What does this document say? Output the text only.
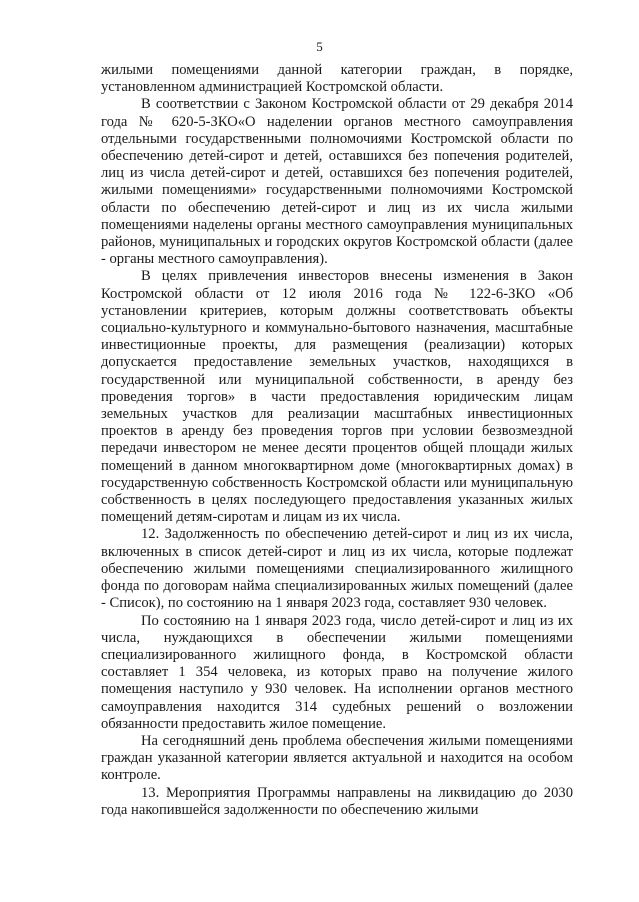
5

жилыми помещениями данной категории граждан, в порядке, установленном администрацией Костромской области.

В соответствии с Законом Костромской области от 29 декабря 2014 года № 620-5-ЗКО«О наделении органов местного самоуправления отдельными государственными полномочиями Костромской области по обеспечению детей-сирот и детей, оставшихся без попечения родителей, лиц из числа детей-сирот и детей, оставшихся без попечения родителей, жилыми помещениями» государственными полномочиями Костромской области по обеспечению детей-сирот и лиц из их числа жилыми помещениями наделены органы местного самоуправления муниципальных районов, муниципальных и городских округов Костромской области (далее - органы местного самоуправления).

В целях привлечения инвесторов внесены изменения в Закон Костромской области от 12 июля 2016 года № 122-6-ЗКО «Об установлении критериев, которым должны соответствовать объекты социально-культурного и коммунально-бытового назначения, масштабные инвестиционные проекты, для размещения (реализации) которых допускается предоставление земельных участков, находящихся в государственной или муниципальной собственности, в аренду без проведения торгов» в части предоставления юридическим лицам земельных участков для реализации масштабных инвестиционных проектов в аренду без проведения торгов при условии безвозмездной передачи инвестором не менее десяти процентов общей площади жилых помещений в данном многоквартирном доме (многоквартирных домах) в государственную собственность Костромской области или муниципальную собственность в целях последующего предоставления указанных жилых помещений детям-сиротам и лицам из их числа.

12. Задолженность по обеспечению детей-сирот и лиц из их числа, включенных в список детей-сирот и лиц из их числа, которые подлежат обеспечению жилыми помещениями специализированного жилищного фонда по договорам найма специализированных жилых помещений (далее - Список), по состоянию на 1 января 2023 года, составляет 930 человек.

По состоянию на 1 января 2023 года, число детей-сирот и лиц из их числа, нуждающихся в обеспечении жилыми помещениями специализированного жилищного фонда, в Костромской области составляет 1 354 человека, из которых право на получение жилого помещения наступило у 930 человек. На исполнении органов местного самоуправления находится 314 судебных решений о возложении обязанности предоставить жилое помещение.

На сегодняшний день проблема обеспечения жилыми помещениями граждан указанной категории является актуальной и находится на особом контроле.

13. Мероприятия Программы направлены на ликвидацию до 2030 года накопившейся задолженности по обеспечению жилыми
